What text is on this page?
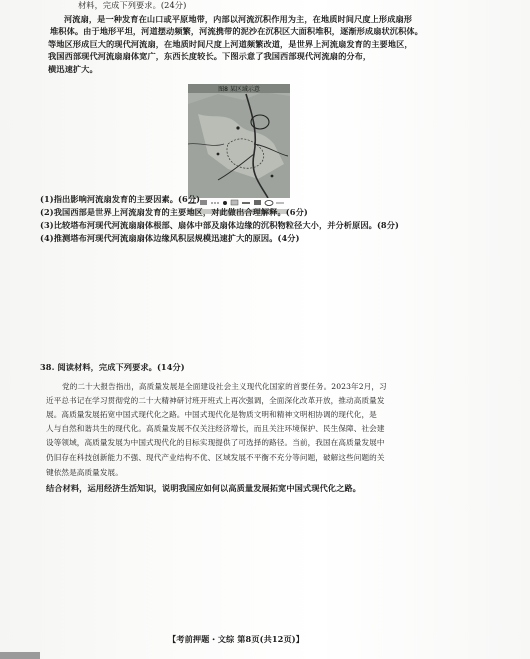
材料，完成下列要求。(24分)
河流扇，是一种发育在山口或平原地带，内部以河流沉积作用为主，在地质时间尺度上形成扇形
堆积体。由于地形平坦，河道摆动频繁，河流携带的泥沙在沉积区大面积堆积，逐渐形成扇状沉积体。
等地区形成巨大的现代河流扇，在地质时间尺度上河道频繁改道，是世界上河流扇发育的主要地区，
我国西部现代河流扇扇体宽广，东西长度较长。下图示意了我国西部现代河流扇的分布，
横迅速扩大。
图8 某区域示意
(1)指出影响河流扇发育的主要因素。(6分)
(2)我国西部是世界上河流扇发育的主要地区，对此做出合理解释。(6分)
(3)比较塔布河现代河流扇扇体根部、扇体中部及扇体边缘的沉积物粒径大小，并分析原因。(8分)
(4)推测塔布河现代河流扇扇体边缘风积层规模迅速扩大的原因。(4分)
38. 阅读材料，完成下列要求。(14分)
党的二十大报告指出，高质量发展是全面建设社会主义现代化国家的首要任务。2023年2月，习
近平总书记在学习贯彻党的二十大精神研讨班开班式上再次强调，全面深化改革开放，推动高质量发
展。高质量发展拓宽中国式现代化之路。中国式现代化是物质文明和精神文明相协调的现代化，是
人与自然和谐共生的现代化。高质量发展不仅关注经济增长，而且关注环境保护、民生保障、社会建
设等领域，高质量发展为中国式现代化的目标实现提供了可选择的路径。当前，我国在高质量发展中
仍旧存在科技创新能力不强、现代产业结构不优、区域发展不平衡不充分等问题，破解这些问题的关
键依然是高质量发展。
结合材料，运用经济生活知识，说明我国应如何以高质量发展拓宽中国式现代化之路。
【考前押题・文综 第8页(共12页)】
